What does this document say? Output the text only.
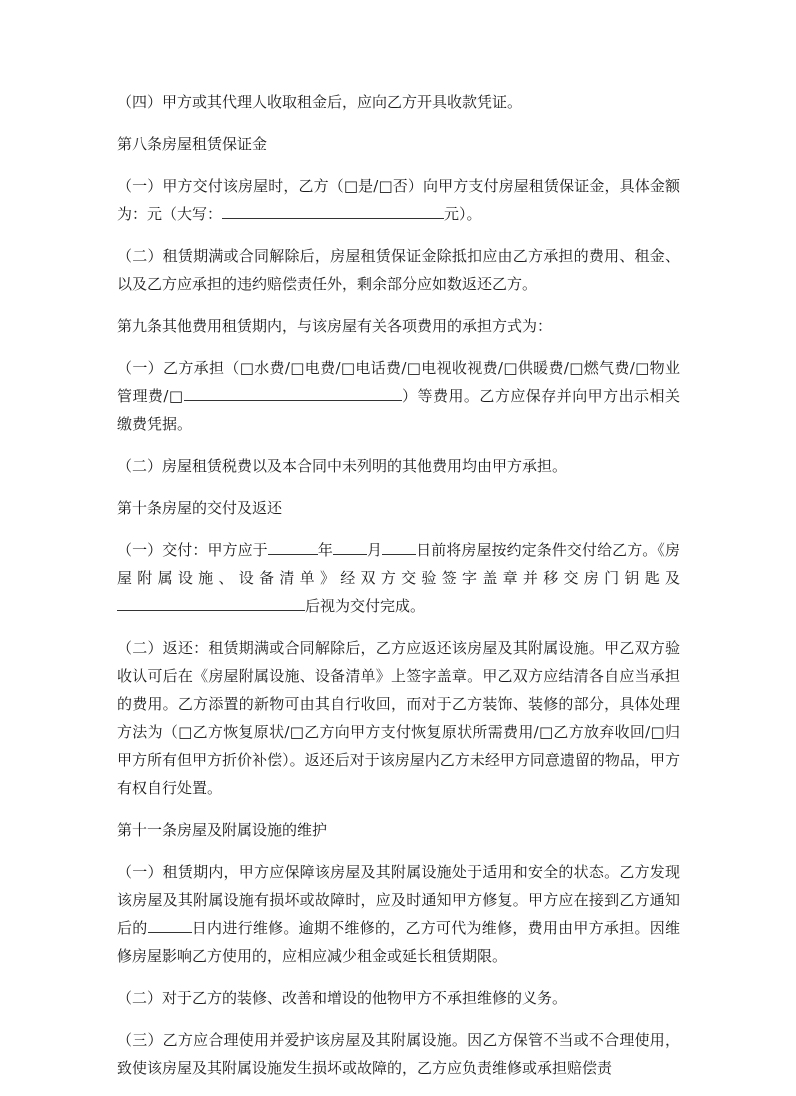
（四）甲方或其代理人收取租金后，应向乙方开具收款凭证。

第八条房屋租赁保证金

（一）甲方交付该房屋时，乙方（□是/□否）向甲方支付房屋租赁保证金，具体金额为：元（大写：	元）。

（二）租赁期满或合同解除后，房屋租赁保证金除抵扣应由乙方承担的费用、租金、以及乙方应承担的违约赔偿责任外，剩余部分应如数返还乙方。

第九条其他费用租赁期内，与该房屋有关各项费用的承担方式为：

（一）乙方承担（□水费/□电费/□电话费/□电视收视费/□供暖费/□燃气费/□物业管理费/□	）等费用。乙方应保存并向甲方出示相关缴费凭据。

（二）房屋租赁税费以及本合同中未列明的其他费用均由甲方承担。

第十条房屋的交付及返还

（一）交付：甲方应于	年 月 日前将房屋按约定条件交付给乙方。《房屋附属设施、设备清单》经双方交验签字盖章并移交房门钥匙及后视为交付完成。

（二）返还：租赁期满或合同解除后，乙方应返还该房屋及其附属设施。甲乙双方验收认可后在《房屋附属设施、设备清单》上签字盖章。甲乙双方应结清各自应当承担的费用。乙方添置的新物可由其自行收回，而对于乙方装饰、装修的部分，具体处理方法为（□乙方恢复原状/□乙方向甲方支付恢复原状所需费用/□乙方放弃收回/□归甲方所有但甲方折价补偿）。返还后对于该房屋内乙方未经甲方同意遗留的物品，甲方有权自行处置。

第十一条房屋及附属设施的维护

（一）租赁期内，甲方应保障该房屋及其附属设施处于适用和安全的状态。乙方发现该房屋及其附属设施有损坏或故障时，应及时通知甲方修复。甲方应在接到乙方通知后的	日内进行维修。逾期不维修的，乙方可代为维修，费用由甲方承担。因维修房屋影响乙方使用的，应相应减少租金或延长租赁期限。

（二）对于乙方的装修、改善和增设的他物甲方不承担维修的义务。

（三）乙方应合理使用并爱护该房屋及其附属设施。因乙方保管不当或不合理使用，致使该房屋及其附属设施发生损坏或故障的，乙方应负责维修或承担赔偿责
